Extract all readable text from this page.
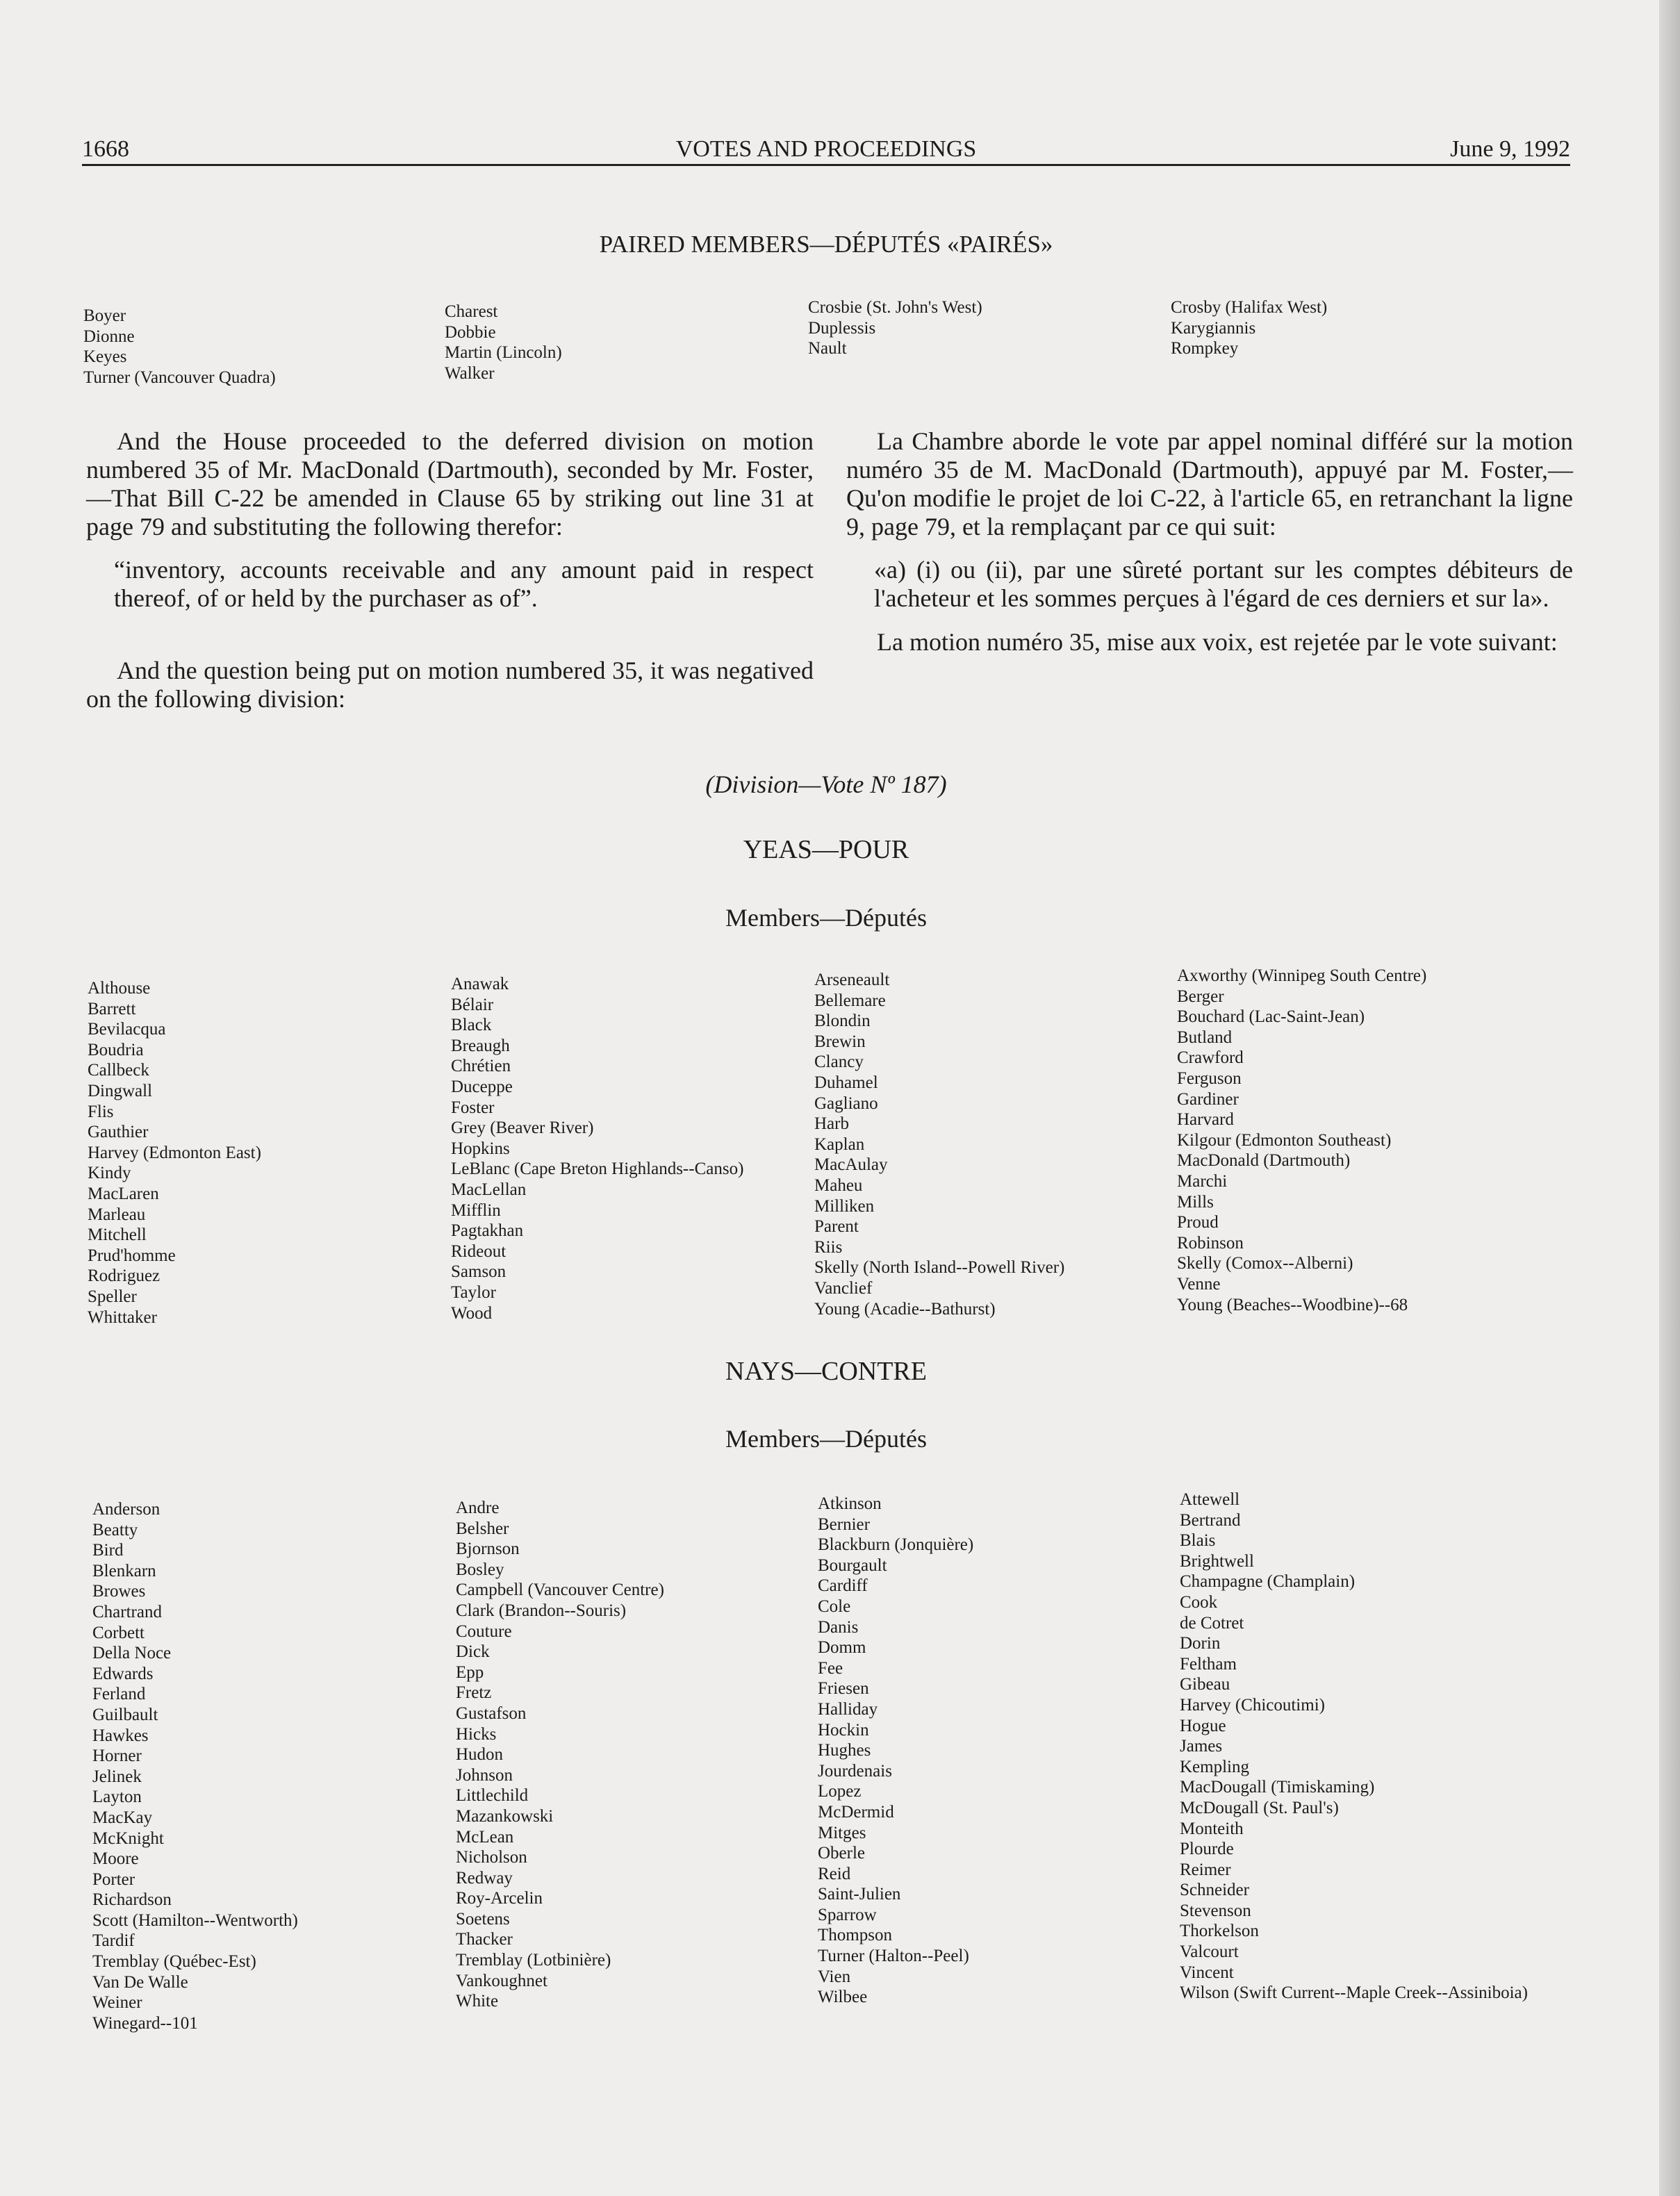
1668	VOTES AND PROCEEDINGS	June 9, 1992
PAIRED MEMBERS—DÉPUTÉS «PAIRÉS»
Boyer
Dionne
Keyes
Turner (Vancouver Quadra)
Charest
Dobbie
Martin (Lincoln)
Walker
Crosbie (St. John's West)
Duplessis
Nault
Crosby (Halifax West)
Karygiannis
Rompkey

And the House proceeded to the deferred division on motion numbered 35 of Mr. MacDonald (Dartmouth), seconded by Mr. Foster,—That Bill C-22 be amended in Clause 65 by striking out line 31 at page 79 and substituting the following therefor:

“inventory, accounts receivable and any amount paid in respect thereof, of or held by the purchaser as of”.

And the question being put on motion numbered 35, it was negatived on the following division:

La Chambre aborde le vote par appel nominal différé sur la motion numéro 35 de M. MacDonald (Dartmouth), appuyé par M. Foster,—Qu'on modifie le projet de loi C-22, à l'article 65, en retranchant la ligne 9, page 79, et la remplaçant par ce qui suit:

«a) (i) ou (ii), par une sûreté portant sur les comptes débiteurs de l'acheteur et les sommes perçues à l'égard de ces derniers et sur la».

La motion numéro 35, mise aux voix, est rejetée par le vote suivant:

(Division—Vote Nº 187)
YEAS—POUR
Members—Députés
Althouse
Barrett
Bevilacqua
Boudria
Callbeck
Dingwall
Flis
Gauthier
Harvey (Edmonton East)
Kindy
MacLaren
Marleau
Mitchell
Prud'homme
Rodriguez
Speller
Whittaker
Anawak
Bélair
Black
Breaugh
Chrétien
Duceppe
Foster
Grey (Beaver River)
Hopkins
LeBlanc (Cape Breton Highlands--Canso)
MacLellan
Mifflin
Pagtakhan
Rideout
Samson
Taylor
Wood
Arseneault
Bellemare
Blondin
Brewin
Clancy
Duhamel
Gagliano
Harb
Kaplan
MacAulay
Maheu
Milliken
Parent
Riis
Skelly (North Island--Powell River)
Vanclief
Young (Acadie--Bathurst)
Axworthy (Winnipeg South Centre)
Berger
Bouchard (Lac-Saint-Jean)
Butland
Crawford
Ferguson
Gardiner
Harvard
Kilgour (Edmonton Southeast)
MacDonald (Dartmouth)
Marchi
Mills
Proud
Robinson
Skelly (Comox--Alberni)
Venne
Young (Beaches--Woodbine)--68
NAYS—CONTRE
Members—Députés
Anderson
Beatty
Bird
Blenkarn
Browes
Chartrand
Corbett
Della Noce
Edwards
Ferland
Guilbault
Hawkes
Horner
Jelinek
Layton
MacKay
McKnight
Moore
Porter
Richardson
Scott (Hamilton--Wentworth)
Tardif
Tremblay (Québec-Est)
Van De Walle
Weiner
Winegard--101
Andre
Belsher
Bjornson
Bosley
Campbell (Vancouver Centre)
Clark (Brandon--Souris)
Couture
Dick
Epp
Fretz
Gustafson
Hicks
Hudon
Johnson
Littlechild
Mazankowski
McLean
Nicholson
Redway
Roy-Arcelin
Soetens
Thacker
Tremblay (Lotbinière)
Vankoughnet
White
Atkinson
Bernier
Blackburn (Jonquière)
Bourgault
Cardiff
Cole
Danis
Domm
Fee
Friesen
Halliday
Hockin
Hughes
Jourdenais
Lopez
McDermid
Mitges
Oberle
Reid
Saint-Julien
Sparrow
Thompson
Turner (Halton--Peel)
Vien
Wilbee
Attewell
Bertrand
Blais
Brightwell
Champagne (Champlain)
Cook
de Cotret
Dorin
Feltham
Gibeau
Harvey (Chicoutimi)
Hogue
James
Kempling
MacDougall (Timiskaming)
McDougall (St. Paul's)
Monteith
Plourde
Reimer
Schneider
Stevenson
Thorkelson
Valcourt
Vincent
Wilson (Swift Current--Maple Creek--Assiniboia)
